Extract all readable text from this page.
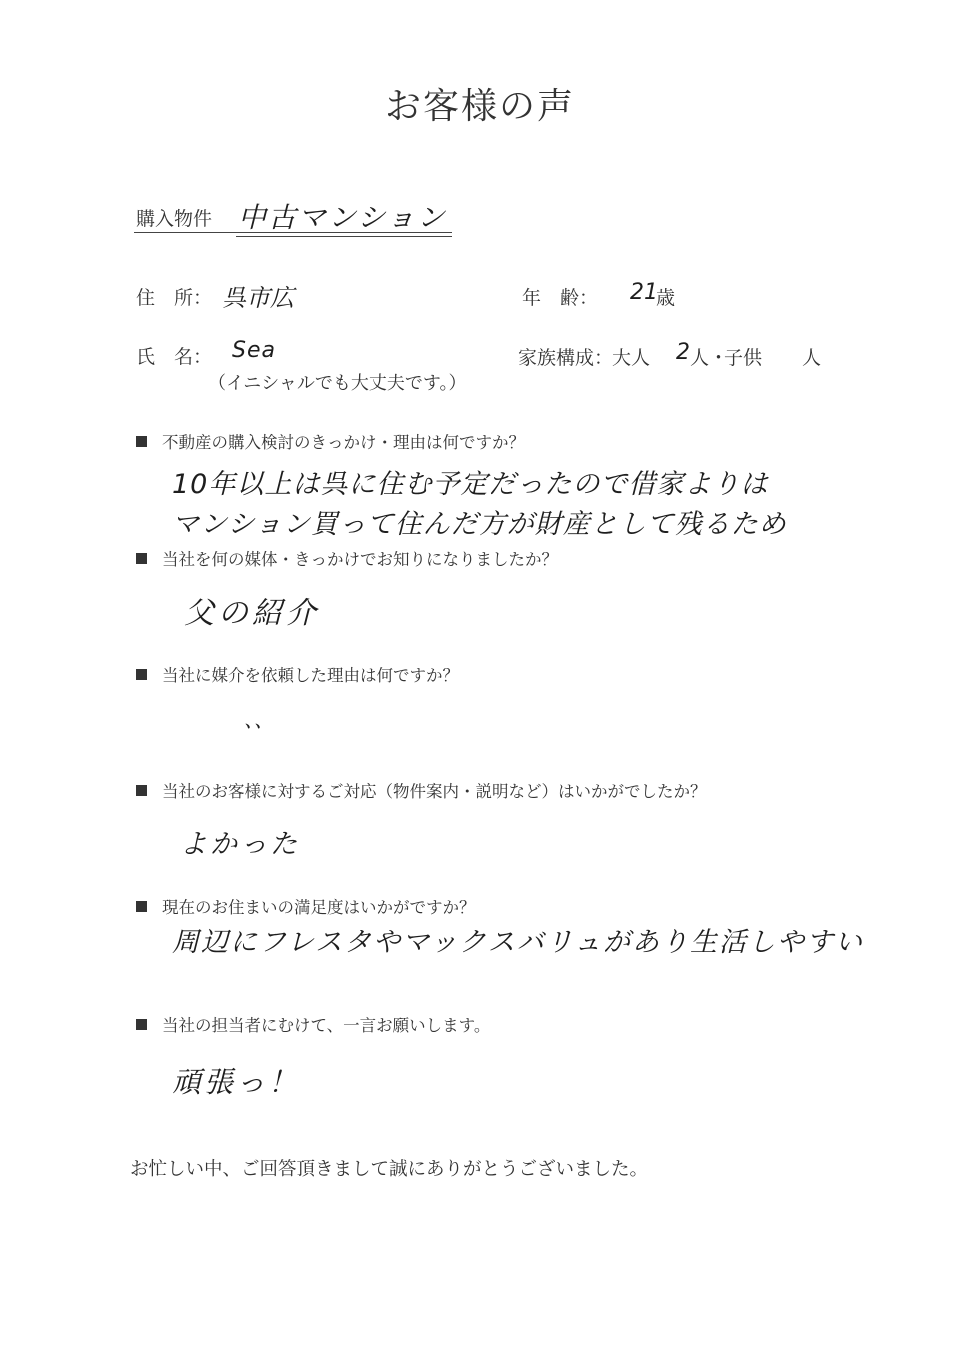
お客様の声
購入物件 中古マンション
住　所： 呉市広	年　齢： 21
歳
氏　名： Sea
（イニシャルでも大丈夫です。）
家族構成：
大人 2 人・
子供 人
不動産の購入検討のきっかけ・理由は何ですか？
10年以上は呉に住む予定だったので借家よりは
マンション買って住んだ方が財産として残るため
当社を何の媒体・きっかけでお知りになりましたか？
父の紹介
当社に媒介を依頼した理由は何ですか？
、、
当社のお客様に対するご対応（物件案内・説明など）はいかがでしたか？
よかった
現在のお住まいの満足度はいかがですか？
周辺にフレスタやマックスバリュがあり生活しやすい
当社の担当者にむけて、一言お願いします。
頑張っ！
お忙しい中、ご回答頂きまして誠にありがとうございました。
